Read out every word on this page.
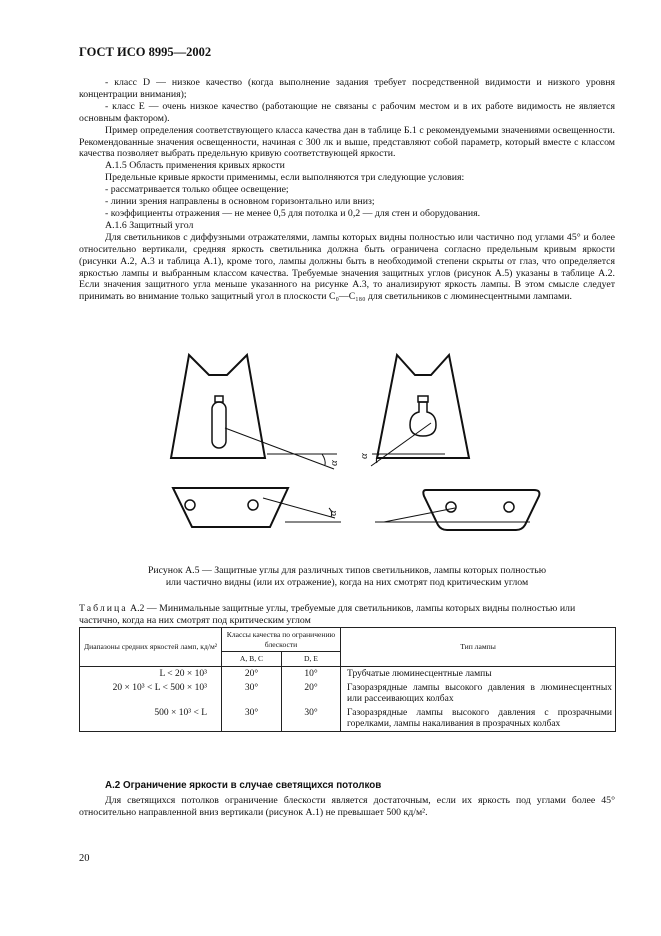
ГОСТ ИСО 8995—2002

- класс D — низкое качество (когда выполнение задания требует посредственной видимости и низкого уровня концентрации внимания);

- класс Е — очень низкое качество (работающие не связаны с рабочим местом и в их работе видимость не является основным фактором).

Пример определения соответствующего класса качества дан в таблице Б.1 с рекомендуемыми значениями освещенности. Рекомендованные значения освещенности, начиная с 300 лк и выше, представляют собой параметр, который вместе с классом качества позволяет выбрать предельную кривую соответствующей яркости.

А.1.5 Область применения кривых яркости

Предельные кривые яркости применимы, если выполняются три следующие условия:

- рассматривается только общее освещение;

- линии зрения направлены в основном горизонтально или вниз;

- коэффициенты отражения — не менее 0,5 для потолка и 0,2 — для стен и оборудования.

А.1.6 Защитный угол

Для светильников с диффузными отражателями, лампы которых видны полностью или частично под углами 45° и более относительно вертикали, средняя яркость светильника должна быть ограничена согласно предельным кривым яркости (рисунки А.2, А.3 и таблица А.1), кроме того, лампы должны быть в необходимой степени скрыты от глаз, что определяется яркостью лампы и выбранным классом качества. Требуемые значения защитных углов (рисунок А.5) указаны в таблице А.2. Если значения защитного угла меньше указанного на рисунке А.3, то анализируют яркость лампы. В этом смысле следует принимать во внимание только защитный угол в плоскости C₀—C₁₈₀ для светильников с люминесцентными лампами.

α
α
α
Рисунок А.5 — Защитные углы для различных типов светильников, лампы которых полностью
или частично видны (или их отражение), когда на них смотрят под критическим углом
Таблица А.2 — Минимальные защитные углы, требуемые для светильников, лампы которых видны полностью или частично, когда на них смотрят под критическим углом
Диапазоны средних яркостей ламп, кд/м²	Классы качества по ограничению блескости		Тип лампы
	А, В, С	D, Е	
L < 20 × 10³	20°	10°	Трубчатые люминесцентные лампы
20 × 10³ < L < 500 × 10³	30°	20°	Газоразрядные лампы высокого давления в люминесцентных или рассеивающих колбах
500 × 10³ < L	30°	30°	Газоразрядные лампы высокого давления с прозрачными горелками, лампы накаливания в прозрачных колбах
А.2 Ограничение яркости в случае светящихся потолков

Для светящихся потолков ограничение блескости является достаточным, если их яркость под углами более 45° относительно направленной вниз вертикали (рисунок А.1) не превышает 500 кд/м².

20
